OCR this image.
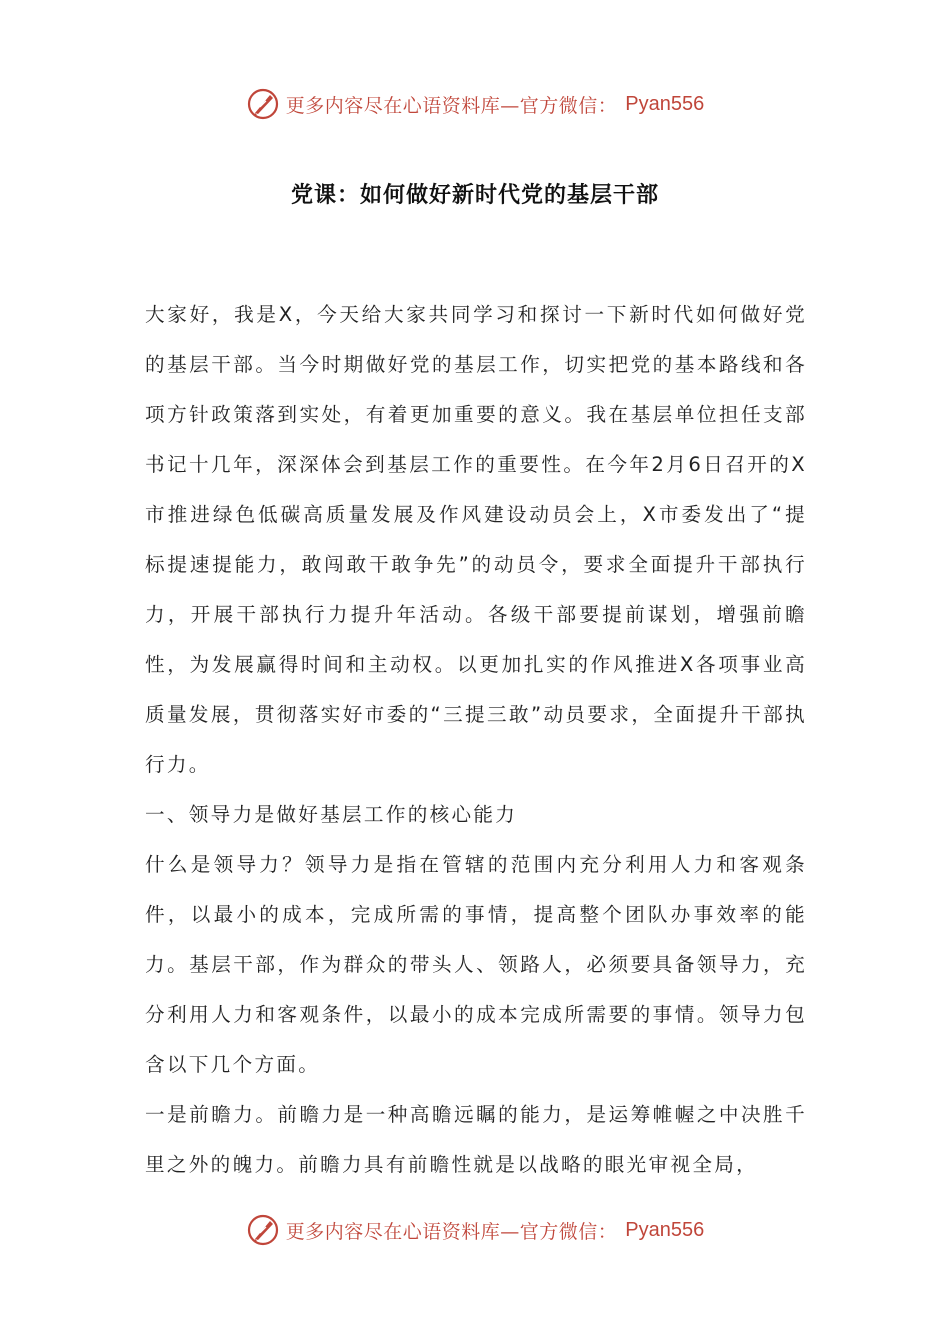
更多内容尽在心语资料库—官方微信： Pyan556
党课：如何做好新时代党的基层干部

大家好，我是X，今天给大家共同学习和探讨一下新时代如何做好党的基层干部。当今时期做好党的基层工作，切实把党的基本路线和各项方针政策落到实处，有着更加重要的意义。我在基层单位担任支部书记十几年，深深体会到基层工作的重要性。在今年2月6日召开的X市推进绿色低碳高质量发展及作风建设动员会上，X市委发出了“提标提速提能力，敢闯敢干敢争先”的动员令，要求全面提升干部执行力，开展干部执行力提升年活动。各级干部要提前谋划，增强前瞻性，为发展赢得时间和主动权。以更加扎实的作风推进X各项事业高质量发展，贯彻落实好市委的“三提三敢”动员要求，全面提升干部执行力。

一、领导力是做好基层工作的核心能力

什么是领导力？领导力是指在管辖的范围内充分利用人力和客观条件，以最小的成本，完成所需的事情，提高整个团队办事效率的能力。基层干部，作为群众的带头人、领路人，必须要具备领导力，充分利用人力和客观条件，以最小的成本完成所需要的事情。领导力包含以下几个方面。

一是前瞻力。前瞻力是一种高瞻远瞩的能力，是运筹帷幄之中决胜千里之外的魄力。前瞻力具有前瞻性就是以战略的眼光审视全局，

更多内容尽在心语资料库—官方微信： Pyan556
